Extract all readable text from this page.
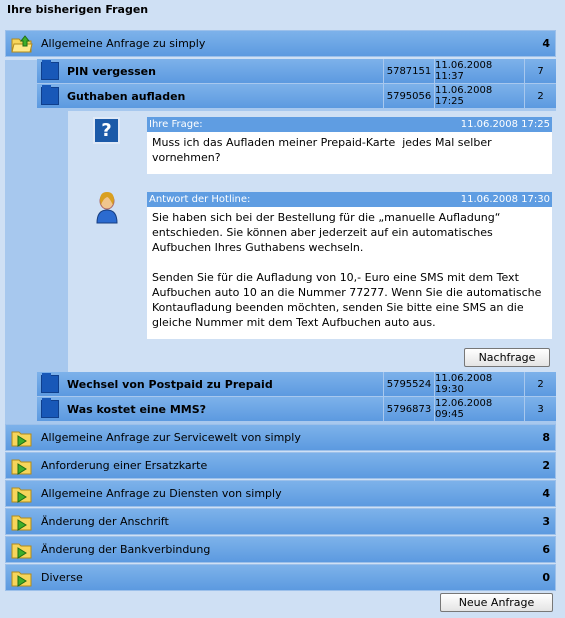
Ihre bisherigen Fragen
Allgemeine Anfrage zu simply	4
PIN vergessen	5787151 11.06.2008 11:37	7
Guthaben aufladen	5795056 11.06.2008 17:25	2
?	Ihre Frage:	11.06.2008 17:25
Muss ich das Aufladen meiner Prepaid-Karte  jedes Mal selber vornehmen?
Antwort der Hotline:	11.06.2008 17:30
Sie haben sich bei der Bestellung für die „manuelle Aufladung“ entschieden. Sie können aber jederzeit auf ein automatisches Aufbuchen Ihres Guthabens wechseln.

Senden Sie für die Aufladung von 10,- Euro eine SMS mit dem Text Aufbuchen auto 10 an die Nummer 77277. Wenn Sie die automatische Kontaufladung beenden möchten, senden Sie bitte eine SMS an die gleiche Nummer mit dem Text Aufbuchen auto aus.
Nachfrage
Wechsel von Postpaid zu Prepaid	5795524 11.06.2008 19:30	2
Was kostet eine MMS?	5796873 12.06.2008 09:45	3
Allgemeine Anfrage zur Servicewelt von simply	8
Anforderung einer Ersatzkarte	2
Allgemeine Anfrage zu Diensten von simply	4
Änderung der Anschrift	3
Änderung der Bankverbindung	6
Diverse	0
Neue Anfrage
